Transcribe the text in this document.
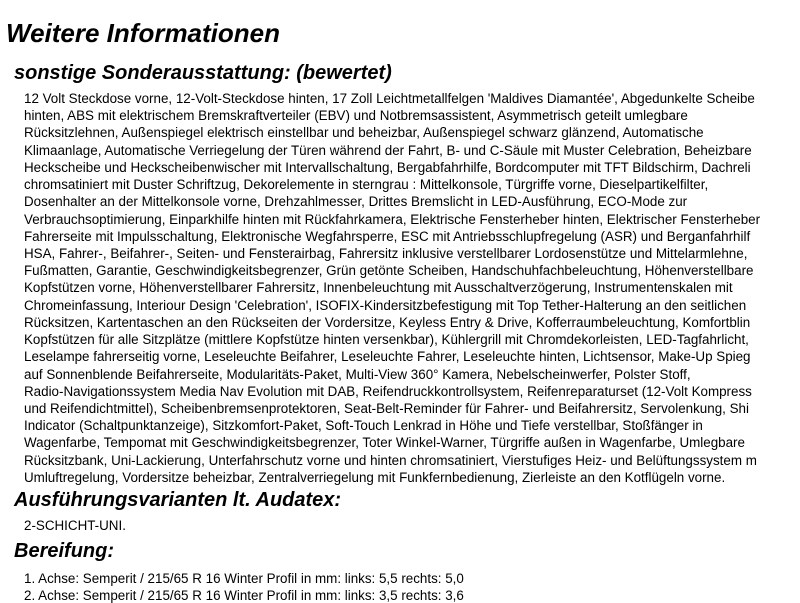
Weitere Informationen
sonstige Sonderausstattung: (bewertet)
12 Volt Steckdose vorne, 12-Volt-Steckdose hinten, 17 Zoll Leichtmetallfelgen 'Maldives Diamantée', Abgedunkelte Scheibe
hinten, ABS mit elektrischem Bremskraftverteiler (EBV) und Notbremsassistent, Asymmetrisch geteilt umlegbare
Rücksitzlehnen, Außenspiegel elektrisch einstellbar und beheizbar, Außenspiegel schwarz glänzend, Automatische
Klimaanlage, Automatische Verriegelung der Türen während der Fahrt, B- und C-Säule mit Muster Celebration, Beheizbare
Heckscheibe und Heckscheibenwischer mit Intervallschaltung, Bergabfahrhilfe, Bordcomputer mit TFT Bildschirm, Dachreli
chromsatiniert mit Duster Schriftzug, Dekorelemente in sterngrau : Mittelkonsole, Türgriffe vorne, Dieselpartikelfilter,
Dosenhalter an der Mittelkonsole vorne, Drehzahlmesser, Drittes Bremslicht in LED-Ausführung, ECO-Mode zur
Verbrauchsoptimierung, Einparkhilfe hinten mit Rückfahrkamera, Elektrische Fensterheber hinten, Elektrischer Fensterheber
Fahrerseite mit Impulsschaltung, Elektronische Wegfahrsperre, ESC mit Antriebsschlupfregelung (ASR) und Berganfahrhilf
HSA, Fahrer-, Beifahrer-, Seiten- und Fensterairbag, Fahrersitz inklusive verstellbarer Lordosenstütze und Mittelarmlehne,
Fußmatten, Garantie, Geschwindigkeitsbegrenzer, Grün getönte Scheiben, Handschuhfachbeleuchtung, Höhenverstellbare
Kopfstützen vorne, Höhenverstellbarer Fahrersitz, Innenbeleuchtung mit Ausschaltverzögerung, Instrumentenskalen mit
Chromeinfassung, Interiour Design 'Celebration', ISOFIX-Kindersitzbefestigung mit Top Tether-Halterung an den seitlichen
Rücksitzen, Kartentaschen an den Rückseiten der Vordersitze, Keyless Entry & Drive, Kofferraumbeleuchtung, Komfortblin
Kopfstützen für alle Sitzplätze (mittlere Kopfstütze hinten versenkbar), Kühlergrill mit Chromdekorleisten, LED-Tagfahrlicht,
Leselampe fahrerseitig vorne, Leseleuchte Beifahrer, Leseleuchte Fahrer, Leseleuchte hinten, Lichtsensor, Make-Up Spieg
auf Sonnenblende Beifahrerseite, Modularitäts-Paket, Multi-View 360° Kamera, Nebelscheinwerfer, Polster Stoff,
Radio-Navigationssystem Media Nav Evolution mit DAB, Reifendruckkontrollsystem, Reifenreparaturset (12-Volt Kompress
und Reifendichtmittel), Scheibenbremsenprotektoren, Seat-Belt-Reminder für Fahrer- und Beifahrersitz, Servolenkung, Shi
Indicator (Schaltpunktanzeige), Sitzkomfort-Paket, Soft-Touch Lenkrad in Höhe und Tiefe verstellbar, Stoßfänger in
Wagenfarbe, Tempomat mit Geschwindigkeitsbegrenzer, Toter Winkel-Warner, Türgriffe außen in Wagenfarbe, Umlegbare
Rücksitzbank, Uni-Lackierung, Unterfahrschutz vorne und hinten chromsatiniert, Vierstufiges Heiz- und Belüftungssystem m
Umluftregelung, Vordersitze beheizbar, Zentralverriegelung mit Funkfernbedienung, Zierleiste an den Kotflügeln vorne.
Ausführungsvarianten lt. Audatex:
2-SCHICHT-UNI.
Bereifung:
1. Achse: Semperit / 215/65 R 16 Winter Profil in mm: links: 5,5 rechts: 5,0
2. Achse: Semperit / 215/65 R 16 Winter Profil in mm: links: 3,5 rechts: 3,6
